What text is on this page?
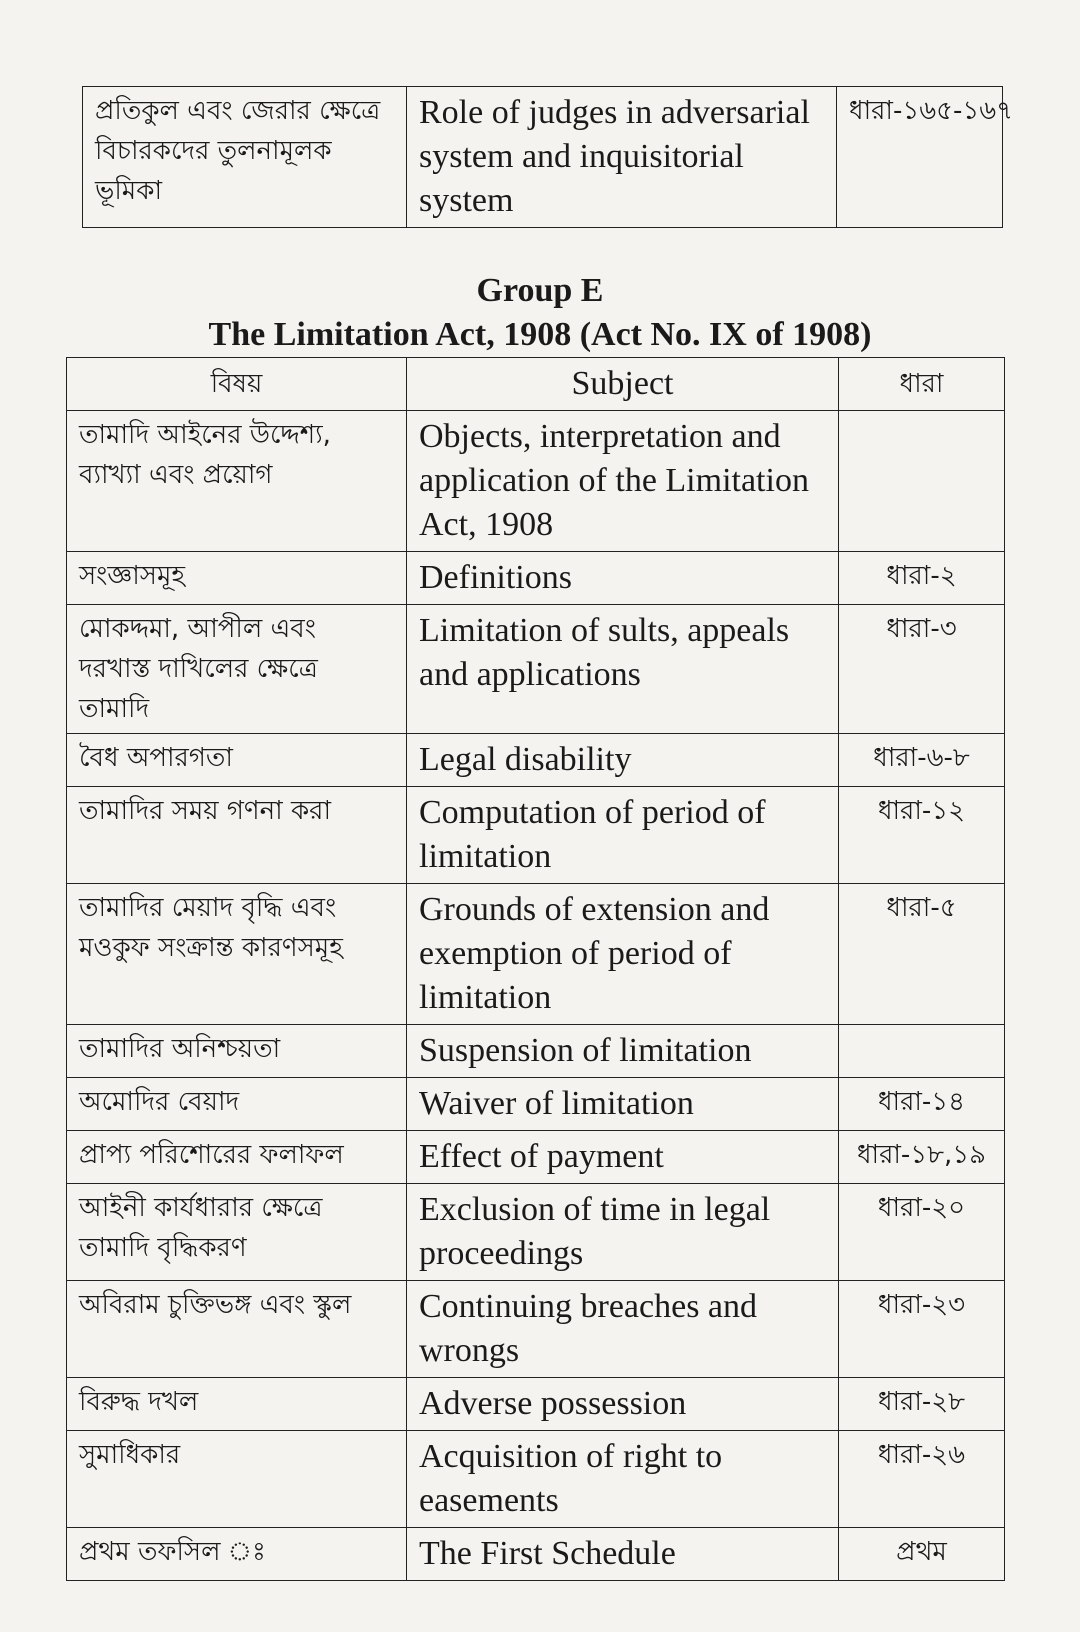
প্রতিকুল এবং জেরার ক্ষেত্রে বিচারকদের তুলনামূলক ভূমিকা	Role of judges in adversarial system and inquisitorial system	ধারা-১৬৫-১৬৭
Group E
The Limitation Act, 1908 (Act No. IX of 1908)
বিষয়	Subject	ধারা
তামাদি আইনের উদ্দেশ্য, ব্যাখ্যা এবং প্রয়োগ	Objects, interpretation and application of the Limitation Act, 1908	
সংজ্ঞাসমূহ	Definitions	ধারা-২
মোকদ্দমা, আপীল এবং দরখাস্ত দাখিলের ক্ষেত্রে তামাদি	Limitation of sults, appeals and applications	ধারা-৩
বৈধ অপারগতা	Legal disability	ধারা-৬-৮
তামাদির সময় গণনা করা	Computation of period of limitation	ধারা-১২
তামাদির মেয়াদ বৃদ্ধি এবং মওকুফ সংক্রান্ত কারণসমূহ	Grounds of extension and exemption of period of limitation	ধারা-৫
তামাদির অনিশ্চয়তা	Suspension of limitation	
অমোদির বেয়াদ	Waiver of limitation	ধারা-১৪
প্রাপ্য পরিশোরের ফলাফল	Effect of payment	ধারা-১৮,১৯
আইনী কার্যধারার ক্ষেত্রে তামাদি বৃদ্ধিকরণ	Exclusion of time in legal proceedings	ধারা-২০
অবিরাম চুক্তিভঙ্গ এবং স্কুল	Continuing breaches and wrongs	ধারা-২৩
বিরুদ্ধ দখল	Adverse possession	ধারা-২৮
সুমাধিকার	Acquisition of right to easements	ধারা-২৬
প্রথম তফসিল ঃ	The First Schedule	প্রথম
